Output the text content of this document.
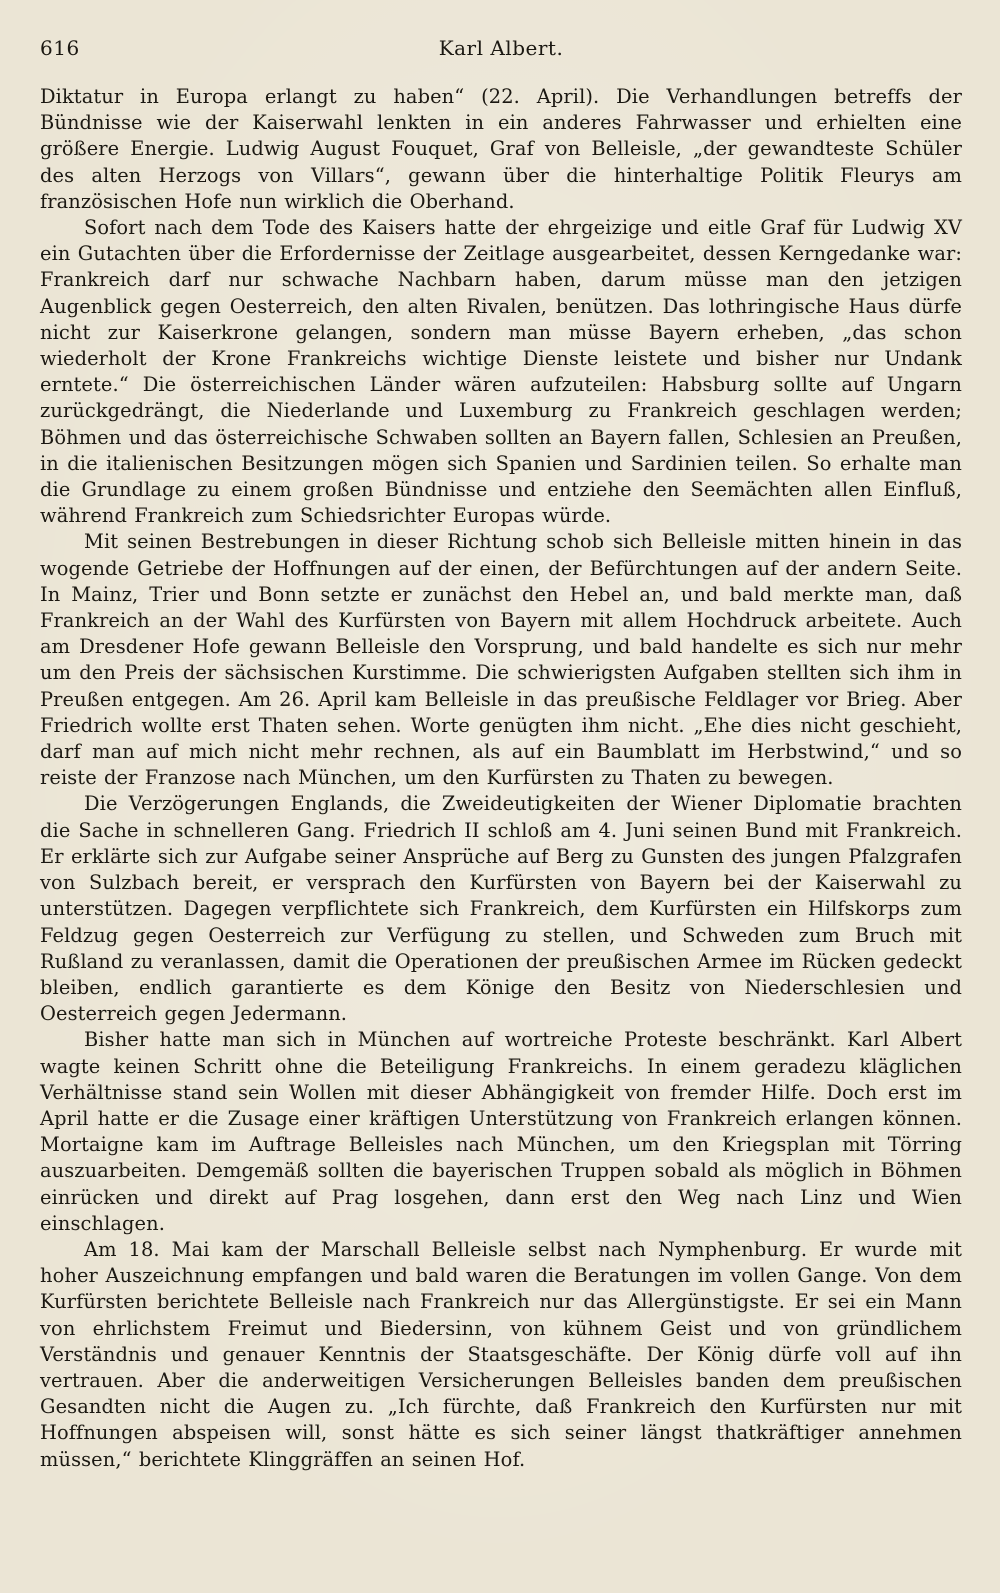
616	Karl Albert.

Diktatur in Europa erlangt zu haben“ (22. April). Die Verhandlungen betreffs der Bündnisse wie der Kaiserwahl lenkten in ein anderes Fahrwasser und erhielten eine größere Energie. Ludwig August Fouquet, Graf von Belleisle, „der gewandteste Schüler des alten Herzogs von Villars“, gewann über die hinterhaltige Politik Fleurys am französischen Hofe nun wirklich die Oberhand.

Sofort nach dem Tode des Kaisers hatte der ehrgeizige und eitle Graf für Ludwig XV ein Gutachten über die Erfordernisse der Zeitlage ausgearbeitet, dessen Kerngedanke war: Frankreich darf nur schwache Nachbarn haben, darum müsse man den jetzigen Augenblick gegen Oesterreich, den alten Rivalen, benützen. Das lothringische Haus dürfe nicht zur Kaiserkrone gelangen, sondern man müsse Bayern erheben, „das schon wiederholt der Krone Frankreichs wichtige Dienste leistete und bisher nur Undank erntete.“ Die österreichischen Länder wären aufzuteilen: Habsburg sollte auf Ungarn zurückgedrängt, die Niederlande und Luxemburg zu Frankreich geschlagen werden; Böhmen und das österreichische Schwaben sollten an Bayern fallen, Schlesien an Preußen, in die italienischen Besitzungen mögen sich Spanien und Sardinien teilen. So erhalte man die Grundlage zu einem großen Bündnisse und entziehe den Seemächten allen Einfluß, während Frankreich zum Schiedsrichter Europas würde.

Mit seinen Bestrebungen in dieser Richtung schob sich Belleisle mitten hinein in das wogende Getriebe der Hoffnungen auf der einen, der Befürchtungen auf der andern Seite. In Mainz, Trier und Bonn setzte er zunächst den Hebel an, und bald merkte man, daß Frankreich an der Wahl des Kurfürsten von Bayern mit allem Hochdruck arbeitete. Auch am Dresdener Hofe gewann Belleisle den Vorsprung, und bald handelte es sich nur mehr um den Preis der sächsischen Kurstimme. Die schwierigsten Aufgaben stellten sich ihm in Preußen entgegen. Am 26. April kam Belleisle in das preußische Feldlager vor Brieg. Aber Friedrich wollte erst Thaten sehen. Worte genügten ihm nicht. „Ehe dies nicht geschieht, darf man auf mich nicht mehr rechnen, als auf ein Baumblatt im Herbstwind,“ und so reiste der Franzose nach München, um den Kurfürsten zu Thaten zu bewegen.

Die Verzögerungen Englands, die Zweideutigkeiten der Wiener Diplomatie brachten die Sache in schnelleren Gang. Friedrich II schloß am 4. Juni seinen Bund mit Frankreich. Er erklärte sich zur Aufgabe seiner Ansprüche auf Berg zu Gunsten des jungen Pfalzgrafen von Sulzbach bereit, er versprach den Kurfürsten von Bayern bei der Kaiserwahl zu unterstützen. Dagegen verpflichtete sich Frankreich, dem Kurfürsten ein Hilfskorps zum Feldzug gegen Oesterreich zur Verfügung zu stellen, und Schweden zum Bruch mit Rußland zu veranlassen, damit die Operationen der preußischen Armee im Rücken gedeckt bleiben, endlich garantierte es dem Könige den Besitz von Niederschlesien und Oesterreich gegen Jedermann.

Bisher hatte man sich in München auf wortreiche Proteste beschränkt. Karl Albert wagte keinen Schritt ohne die Beteiligung Frankreichs. In einem geradezu kläglichen Verhältnisse stand sein Wollen mit dieser Abhängigkeit von fremder Hilfe. Doch erst im April hatte er die Zusage einer kräftigen Unterstützung von Frankreich erlangen können. Mortaigne kam im Auftrage Belleisles nach München, um den Kriegsplan mit Törring auszuarbeiten. Demgemäß sollten die bayerischen Truppen sobald als möglich in Böhmen einrücken und direkt auf Prag losgehen, dann erst den Weg nach Linz und Wien einschlagen.

Am 18. Mai kam der Marschall Belleisle selbst nach Nymphenburg. Er wurde mit hoher Auszeichnung empfangen und bald waren die Beratungen im vollen Gange. Von dem Kurfürsten berichtete Belleisle nach Frankreich nur das Allergünstigste. Er sei ein Mann von ehrlichstem Freimut und Biedersinn, von kühnem Geist und von gründlichem Verständnis und genauer Kenntnis der Staatsgeschäfte. Der König dürfe voll auf ihn vertrauen. Aber die anderweitigen Versicherungen Belleisles banden dem preußischen Gesandten nicht die Augen zu. „Ich fürchte, daß Frankreich den Kurfürsten nur mit Hoffnungen abspeisen will, sonst hätte es sich seiner längst thatkräftiger annehmen müssen,“ berichtete Klinggräffen an seinen Hof.
